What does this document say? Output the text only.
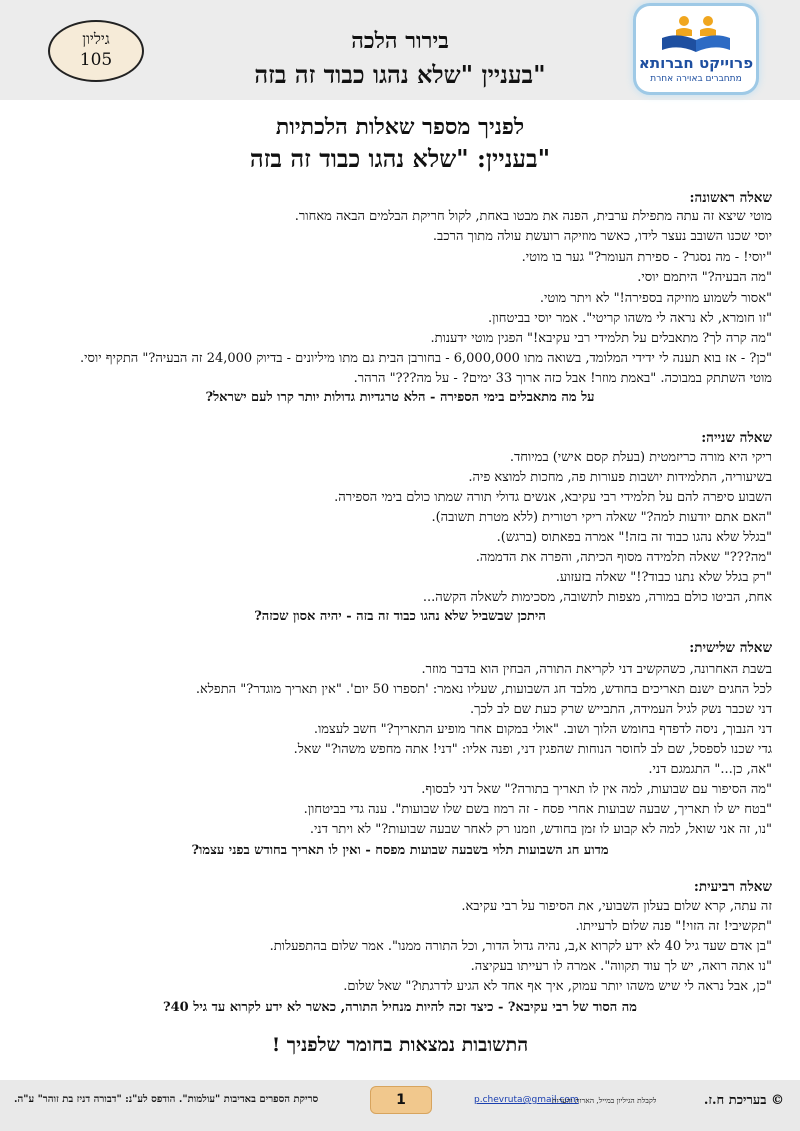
גיליון
105
בירור הלכה
בעניין "שלא נהגו כבוד זה בזה"	פרוייקט חברותא
מתחברים באוירה אחרת
לפניך מספר שאלות הלכתיות
בעניין: "שלא נהגו כבוד זה בזה"
שאלה ראשונה:
מוטי שיצא זה עתה מתפילת ערבית, הפנה את מבטו באחת, לקול חריקת הבלמים הבאה מאחור.
יוסי שכנו השובב נעצר לידו, כאשר מוזיקה רועשת עולה מתוך הרכב.
"יוסי! - מה נסגר? - ספירת העומר?" גער בו מוטי.
"מה הבעיה?" היתמם יוסי.
"אסור לשמוע מוזיקה בספירה!" לא ויתר מוטי.
"זו חומרא, לא נראה לי משהו קריטי". אמר יוסי בביטחון.
"מה קרה לך? מתאבלים על תלמידי רבי עקיבא!" הפגין מוטי ידענות.
"כן? - אז בוא תענה לי ידידי המלומד, בשואה מתו 6,000,000 - בחורבן הבית גם מתו מיליונים - בדיוק 24,000 זה הבעיה?" התקיף יוסי.
מוטי השתתק במבוכה. "באמת מוזר! אבל כזה ארוך 33 ימים? - על מה???" הרהר.
על מה מתאבלים בימי הספירה - הלא טרגדיות גדולות יותר קרו לעם ישראל?
שאלה שנייה:
ריקי היא מורה כריזמטית (בעלת קסם אישי) במיוחד.
בשיעוריה, התלמידות יושבות פעורות פה, מחכות למוצא פיה.
השבוע סיפרה להם על תלמידי רבי עקיבא, אנשים גדולי תורה שמתו כולם בימי הספירה.
"האם אתם יודעות למה?" שאלה ריקי רטורית (ללא מטרת תשובה).
"בגלל שלא נהגו כבוד זה בזה!" אמרה בפאתוס (ברגש).
"מה???" שאלה תלמידה מסוף הכיתה, והפרה את הדממה.
"רק בגלל שלא נתנו כבוד?!" שאלה בזעזוע.
אחת, הביטו כולם במורה, מצפות לתשובה, מסכימות לשאלה הקשה...
היתכן שבשביל שלא נהגו כבוד זה בזה - יהיה אסון שכזה?
שאלה שלישית:
בשבת האחרונה, כשהקשיב דני לקריאת התורה, הבחין הוא בדבר מוזר.
לכל החגים ישנם תאריכים בחודש, מלבד חג השבועות, שעליו נאמר: 'תספרו 50 יום'. "אין תאריך מוגדר?" התפלא.
דני שכבר נשק לגיל העמידה, התבייש שרק כעת שם לב לכך.
דני הנבוך, ניסה לדפדף בחומש הלוך ושוב. "אולי במקום אחר מופיע התאריך?" חשב לעצמו.
גדי שכנו לספסל, שם לב לחוסר הנוחות שהפגין דני, ופנה אליו: "דני! אתה מחפש משהו?" שאל.
"אה, כן..." התגמגם דני.
"מה הסיפור עם שבועות, למה אין לו תאריך בתורה?" שאל דני לבסוף.
"בטח יש לו תאריך, שבעה שבועות אחרי פסח - זה רמוז בשם שלו שבועות". ענה גדי בביטחון.
"נו, זה אני שואל, למה לא קבוע לו זמן בחודש, וזמנו רק לאחר שבעה שבועות?" לא ויתר דני.
מדוע חג השבועות תלוי בשבעה שבועות מפסח - ואין לו תאריך בחודש בפני עצמו?
שאלה רביעית:
זה עתה, קרא שלום בעלון השבועי, את הסיפור על רבי עקיבא.
"תקשיבי! זה הזוי!" פנה שלום לרעייתו.
"בן אדם שעד גיל 40 לא ידע לקרוא א,ב, נהיה גדול הדור, וכל התורה ממנו". אמר שלום בהתפעלות.
"נו אתה רואה, יש לך עוד תקווה". אמרה לו רעייתו בעקיצה.
"כן, אבל נראה לי שיש משהו יותר עמוק, איך אף אחד לא הגיע לדרגתו?" שאל שלום.
מה הסוד של רבי עקיבא? - כיצד זכה להיות מנחיל התורה, כאשר לא ידע לקרוא עד גיל 40?
התשובות נמצאות בחומר שלפניך !
סריקת הספרים באדיבות "עולמות". הודפס לע"נ: "דבורה דניז בת זוהר" ע"ה.	1	p.chevruta@gmail.com
לקבלת הגיליון במייל, הארות והערות	© בעריכת ח.ז.
